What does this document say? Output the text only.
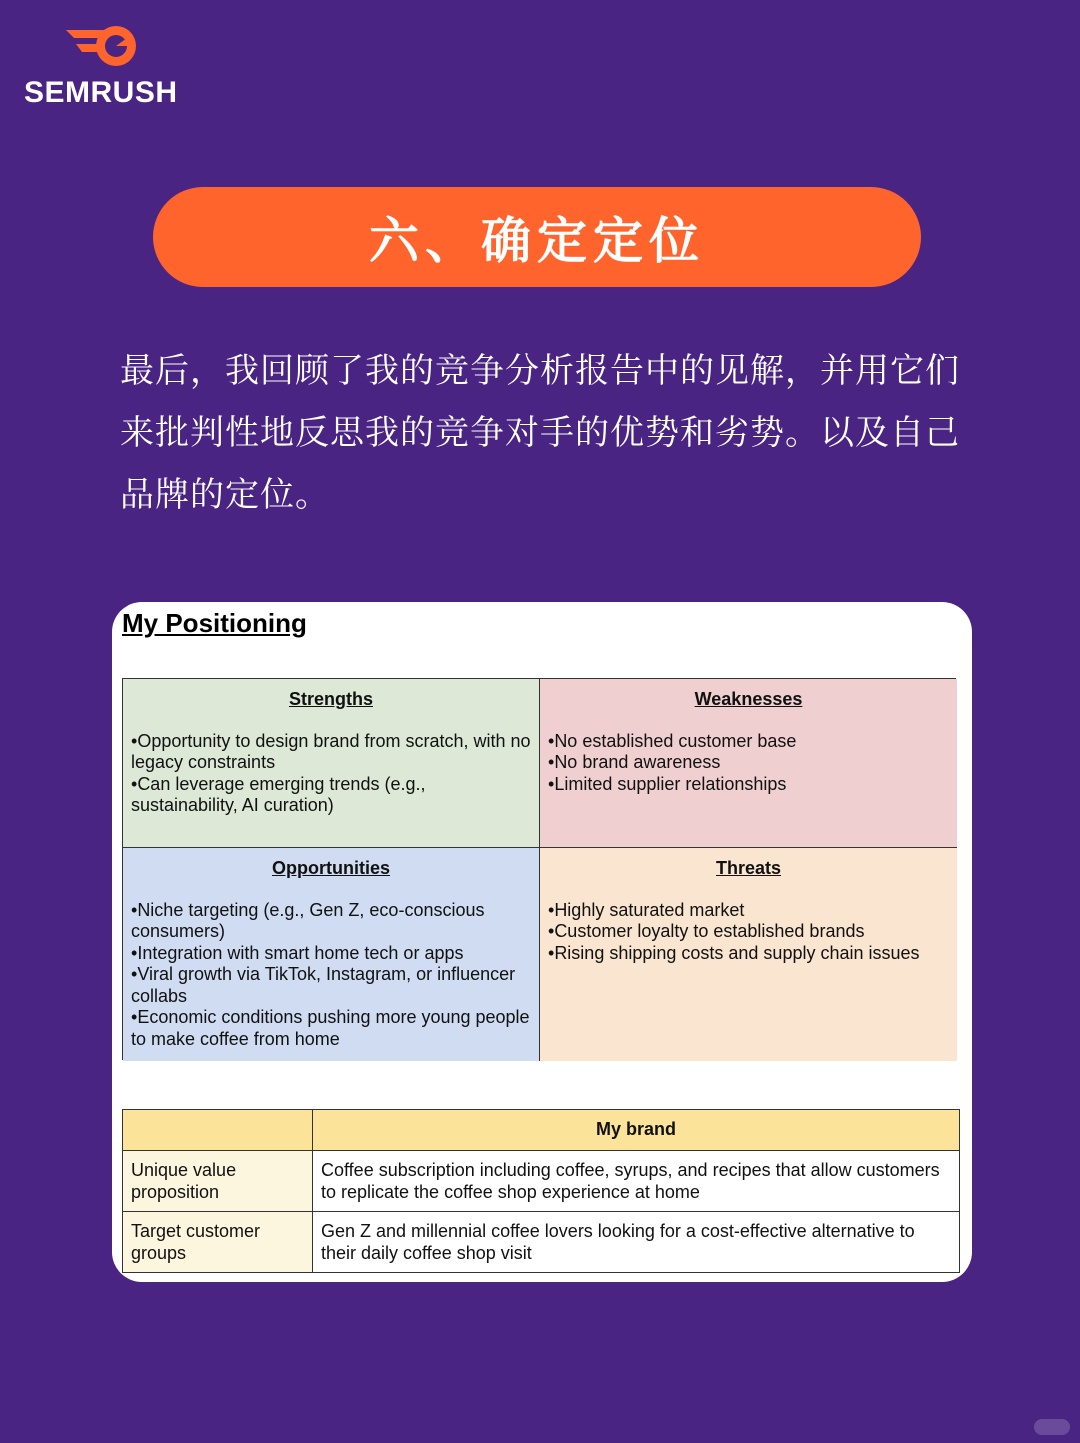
SEMRUSH
六、确定定位
最后，我回顾了我的竞争分析报告中的见解，并用它们来批判性地反思我的竞争对手的优势和劣势。以及自己品牌的定位。
My Positioning
Strengths
• Opportunity to design brand from scratch, with no legacy constraints
• Can leverage emerging trends (e.g., sustainability, AI curation)
Weaknesses
• No established customer base
• No brand awareness
• Limited supplier relationships
Opportunities
• Niche targeting (e.g., Gen Z, eco-conscious consumers)
• Integration with smart home tech or apps
• Viral growth via TikTok, Instagram, or influencer collabs
• Economic conditions pushing more young people to make coffee from home
Threats
• Highly saturated market
• Customer loyalty to established brands
• Rising shipping costs and supply chain issues
	My brand
Unique value proposition	Coffee subscription including coffee, syrups, and recipes that allow customers to replicate the coffee shop experience at home
Target customer groups	Gen Z and millennial coffee lovers looking for a cost-effective alternative to their daily coffee shop visit
